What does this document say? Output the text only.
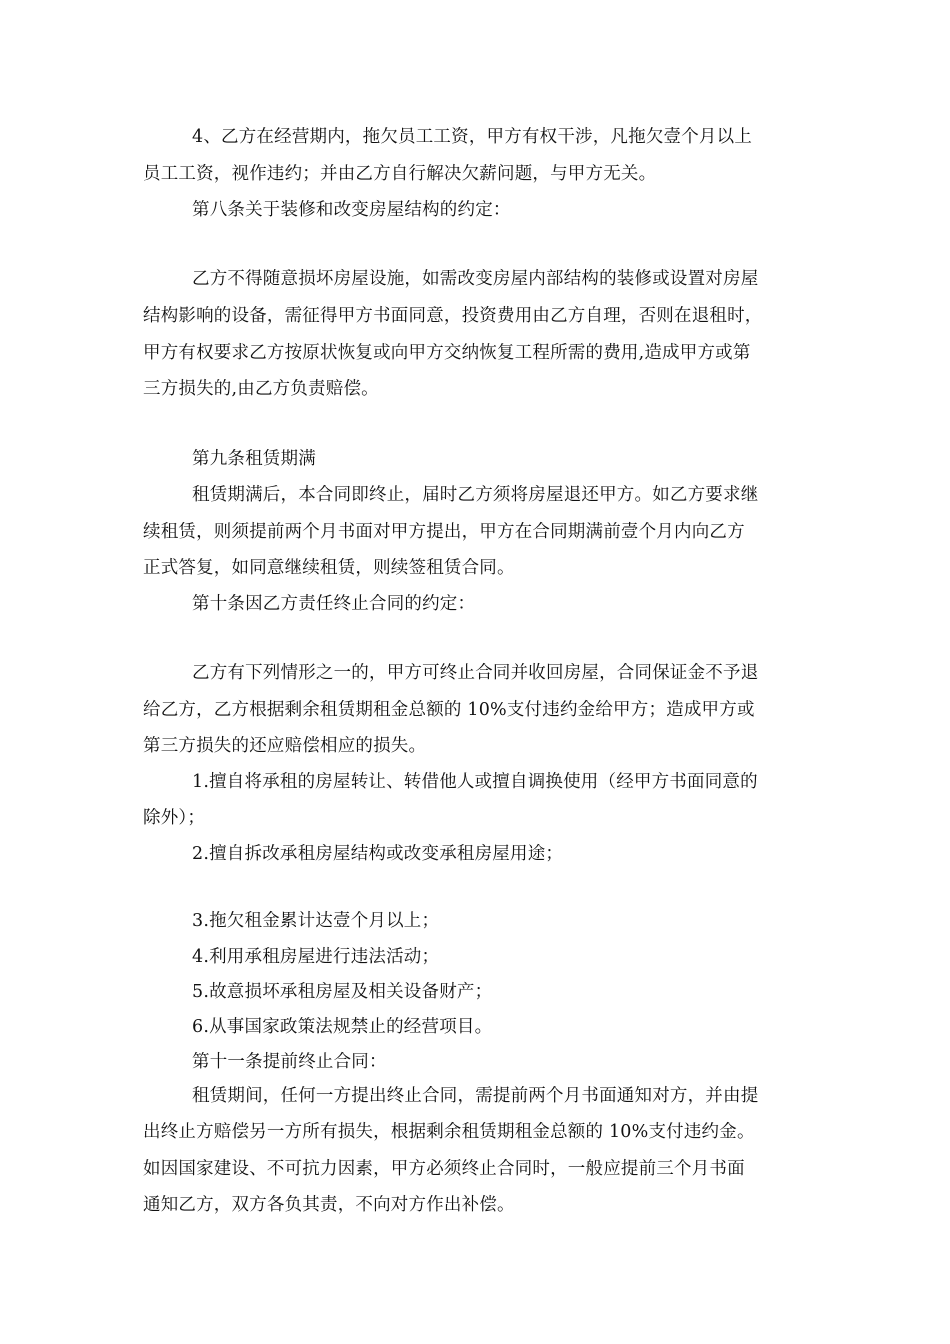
4、乙方在经营期内，拖欠员工工资，甲方有权干涉，凡拖欠壹个月以上
员工工资，视作违约；并由乙方自行解决欠薪问题，与甲方无关。
第八条关于装修和改变房屋结构的约定：
乙方不得随意损坏房屋设施，如需改变房屋内部结构的装修或设置对房屋
结构影响的设备，需征得甲方书面同意，投资费用由乙方自理，否则在退租时，
甲方有权要求乙方按原状恢复或向甲方交纳恢复工程所需的费用,造成甲方或第
三方损失的,由乙方负责赔偿。
第九条租赁期满
租赁期满后，本合同即终止，届时乙方须将房屋退还甲方。如乙方要求继
续租赁，则须提前两个月书面对甲方提出，甲方在合同期满前壹个月内向乙方
正式答复，如同意继续租赁，则续签租赁合同。
第十条因乙方责任终止合同的约定：
乙方有下列情形之一的，甲方可终止合同并收回房屋，合同保证金不予退
给乙方，乙方根据剩余租赁期租金总额的 10%支付违约金给甲方；造成甲方或
第三方损失的还应赔偿相应的损失。
1.擅自将承租的房屋转让、转借他人或擅自调换使用（经甲方书面同意的
除外）；
2.擅自拆改承租房屋结构或改变承租房屋用途；
3.拖欠租金累计达壹个月以上；
4.利用承租房屋进行违法活动；
5.故意损坏承租房屋及相关设备财产；
6.从事国家政策法规禁止的经营项目。
第十一条提前终止合同：
租赁期间，任何一方提出终止合同，需提前两个月书面通知对方，并由提
出终止方赔偿另一方所有损失，根据剩余租赁期租金总额的 10%支付违约金。
如因国家建设、不可抗力因素，甲方必须终止合同时，一般应提前三个月书面
通知乙方，双方各负其责，不向对方作出补偿。
